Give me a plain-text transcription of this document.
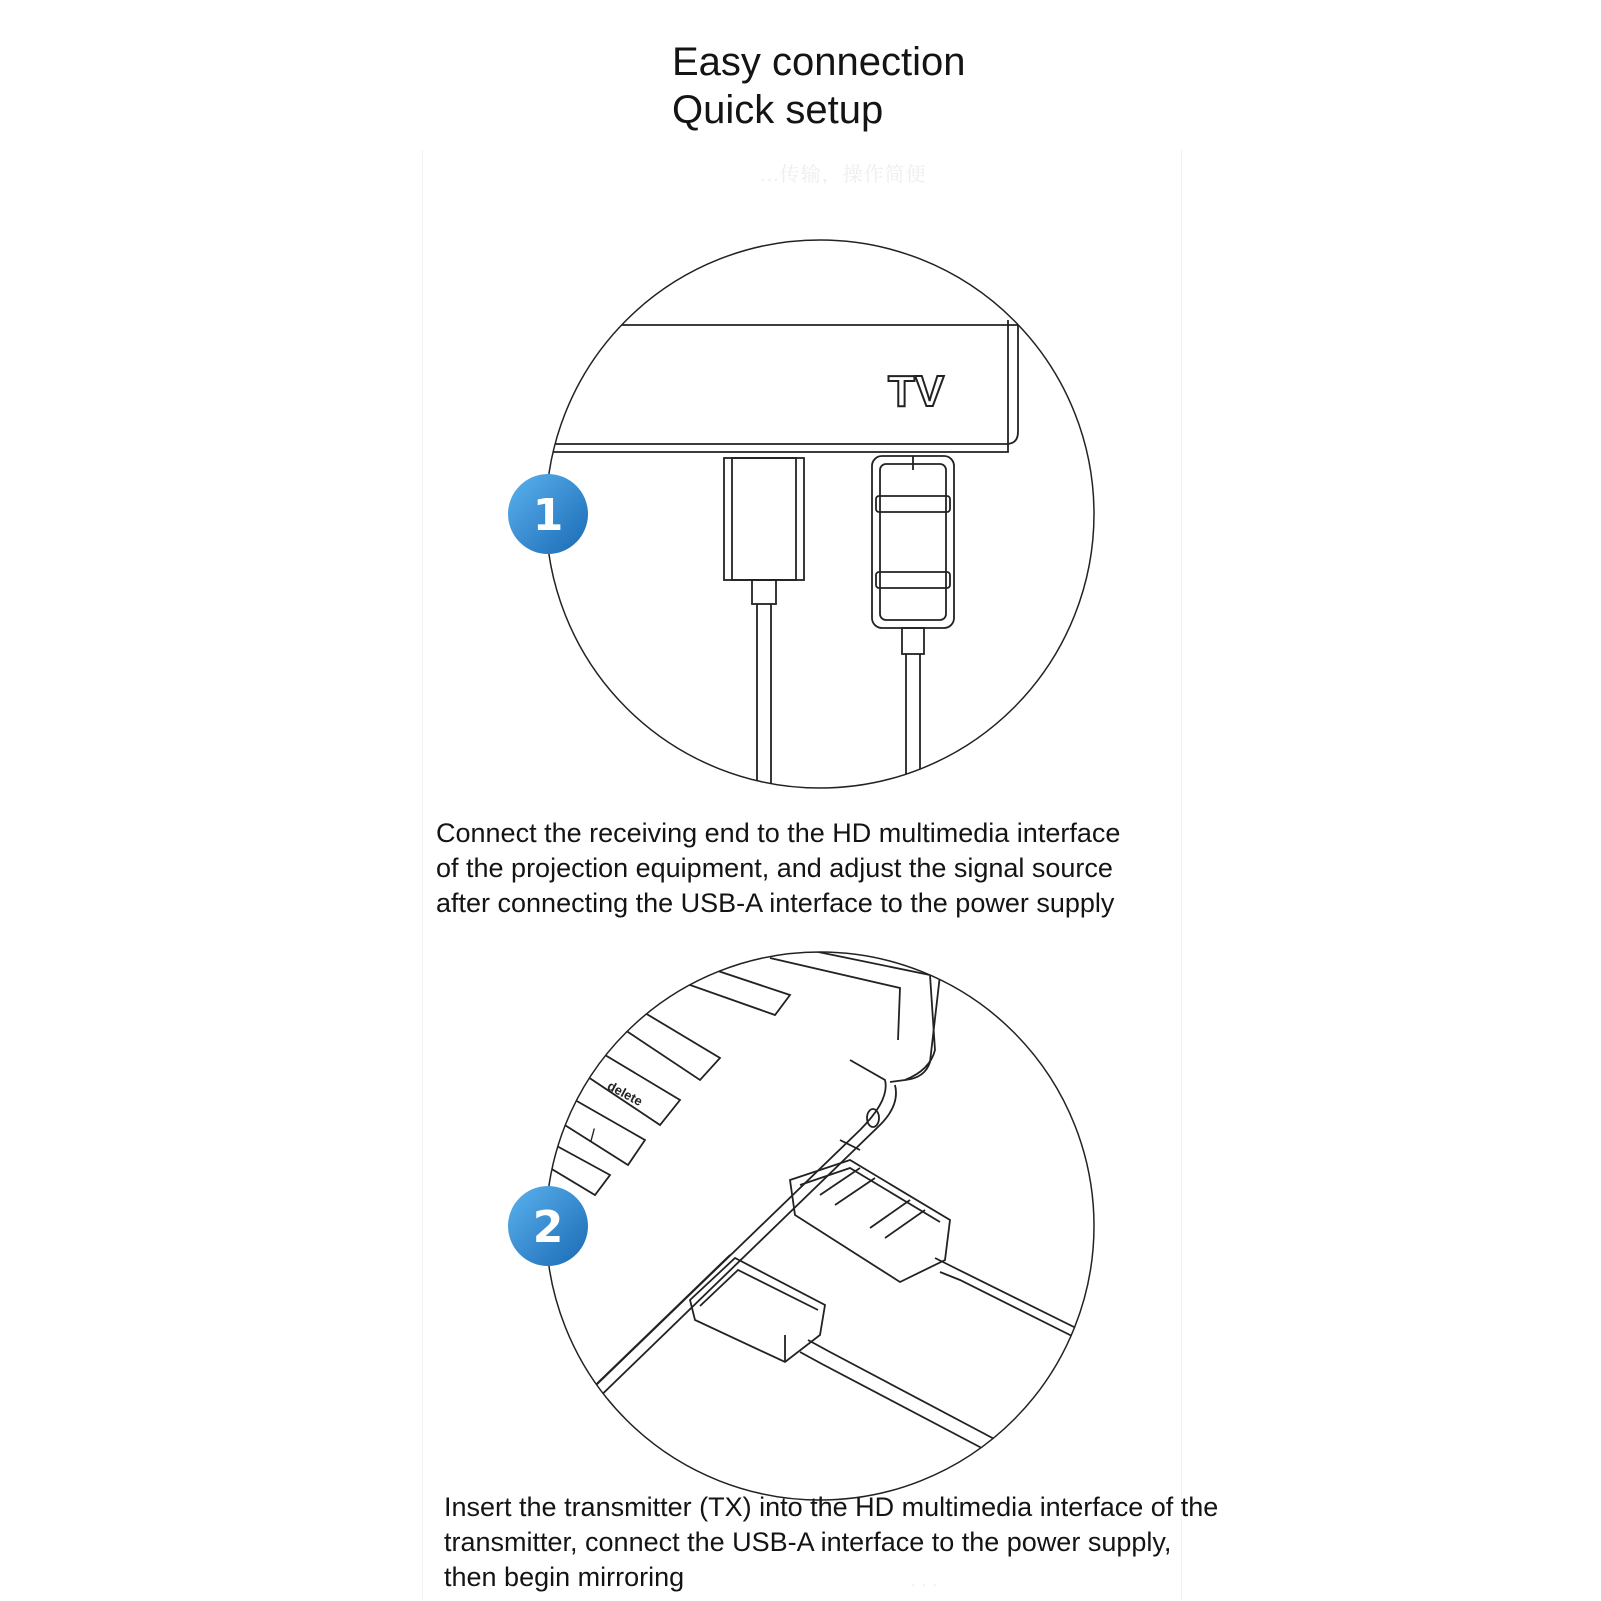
Easy connection
Quick setup
...传输，操作简便
TV
1
delete
/
2

Connect the receiving end to the HD multimedia interface
of the projection equipment, and adjust the signal source
after connecting the USB-A interface to the power supply

Insert the transmitter (TX) into the HD multimedia interface of the
transmitter, connect the USB-A interface to the power supply,
then begin mirroring	· · ·
